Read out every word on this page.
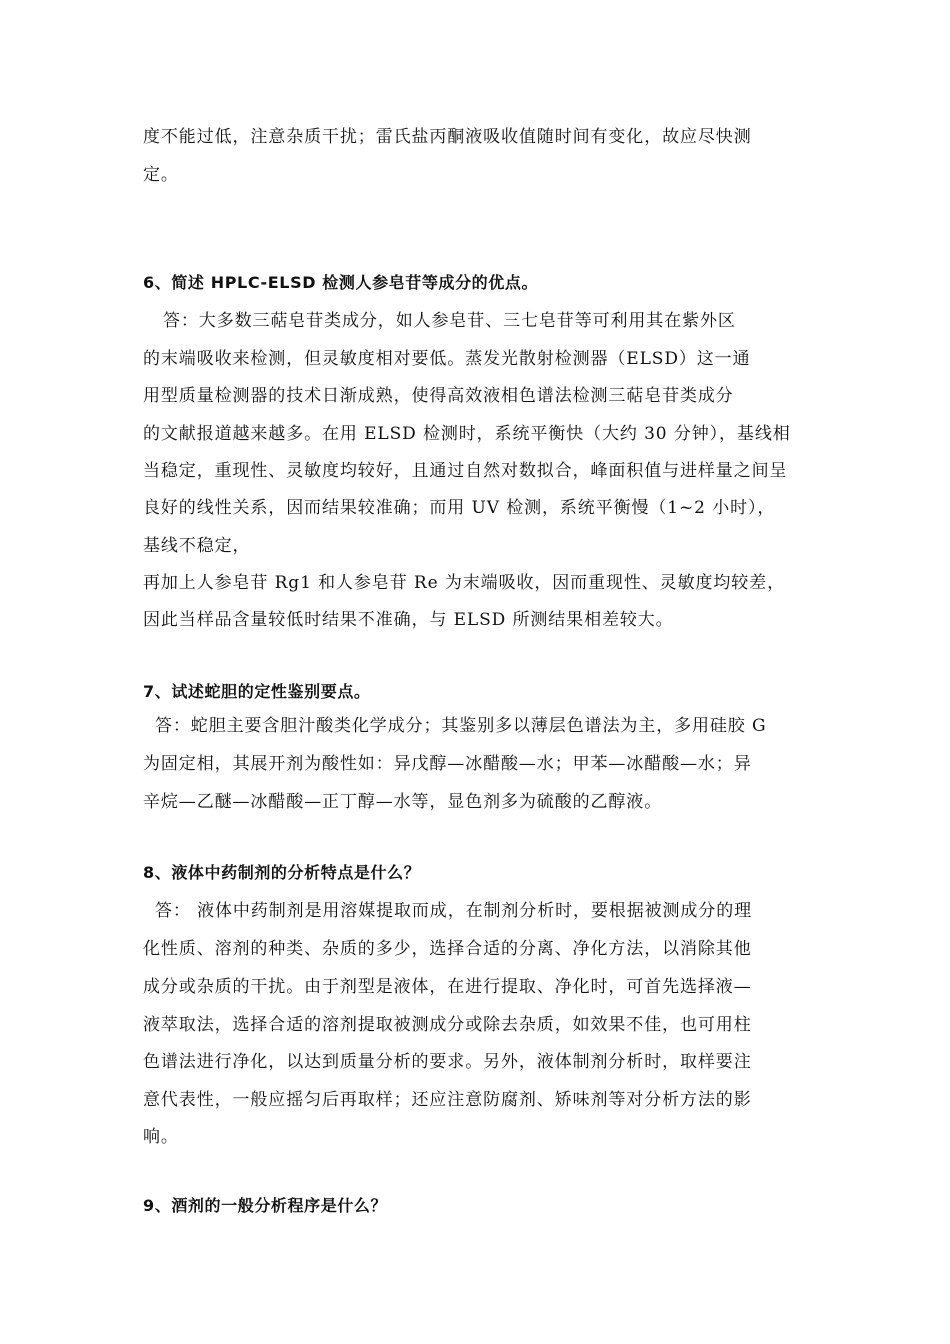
度不能过低，注意杂质干扰；雷氏盐丙酮液吸收值随时间有变化，故应尽快测
定。
6、简述 HPLC-ELSD 检测人参皂苷等成分的优点。
答：大多数三萜皂苷类成分，如人参皂苷、三七皂苷等可利用其在紫外区
的末端吸收来检测，但灵敏度相对要低。蒸发光散射检测器（ELSD）这一通
用型质量检测器的技术日渐成熟，使得高效液相色谱法检测三萜皂苷类成分
的文献报道越来越多。在用 ELSD 检测时，系统平衡快（大约 30 分钟），基线相
当稳定，重现性、灵敏度均较好，且通过自然对数拟合，峰面积值与进样量之间呈
良好的线性关系，因而结果较准确；而用 UV 检测，系统平衡慢（1~2 小时），
基线不稳定，
再加上人参皂苷 Rg1 和人参皂苷 Re 为末端吸收，因而重现性、灵敏度均较差，
因此当样品含量较低时结果不准确，与 ELSD 所测结果相差较大。
7、试述蛇胆的定性鉴别要点。
答：蛇胆主要含胆汁酸类化学成分；其鉴别多以薄层色谱法为主，多用硅胶 G
为固定相，其展开剂为酸性如：异戊醇—冰醋酸—水；甲苯—冰醋酸—水；异
辛烷—乙醚—冰醋酸—正丁醇—水等，显色剂多为硫酸的乙醇液。
8、液体中药制剂的分析特点是什么？
答： 液体中药制剂是用溶媒提取而成，在制剂分析时，要根据被测成分的理
化性质、溶剂的种类、杂质的多少，选择合适的分离、净化方法，以消除其他
成分或杂质的干扰。由于剂型是液体，在进行提取、净化时，可首先选择液—
液萃取法，选择合适的溶剂提取被测成分或除去杂质，如效果不佳，也可用柱
色谱法进行净化，以达到质量分析的要求。另外，液体制剂分析时，取样要注
意代表性，一般应摇匀后再取样；还应注意防腐剂、矫味剂等对分析方法的影
响。
9、酒剂的一般分析程序是什么？
